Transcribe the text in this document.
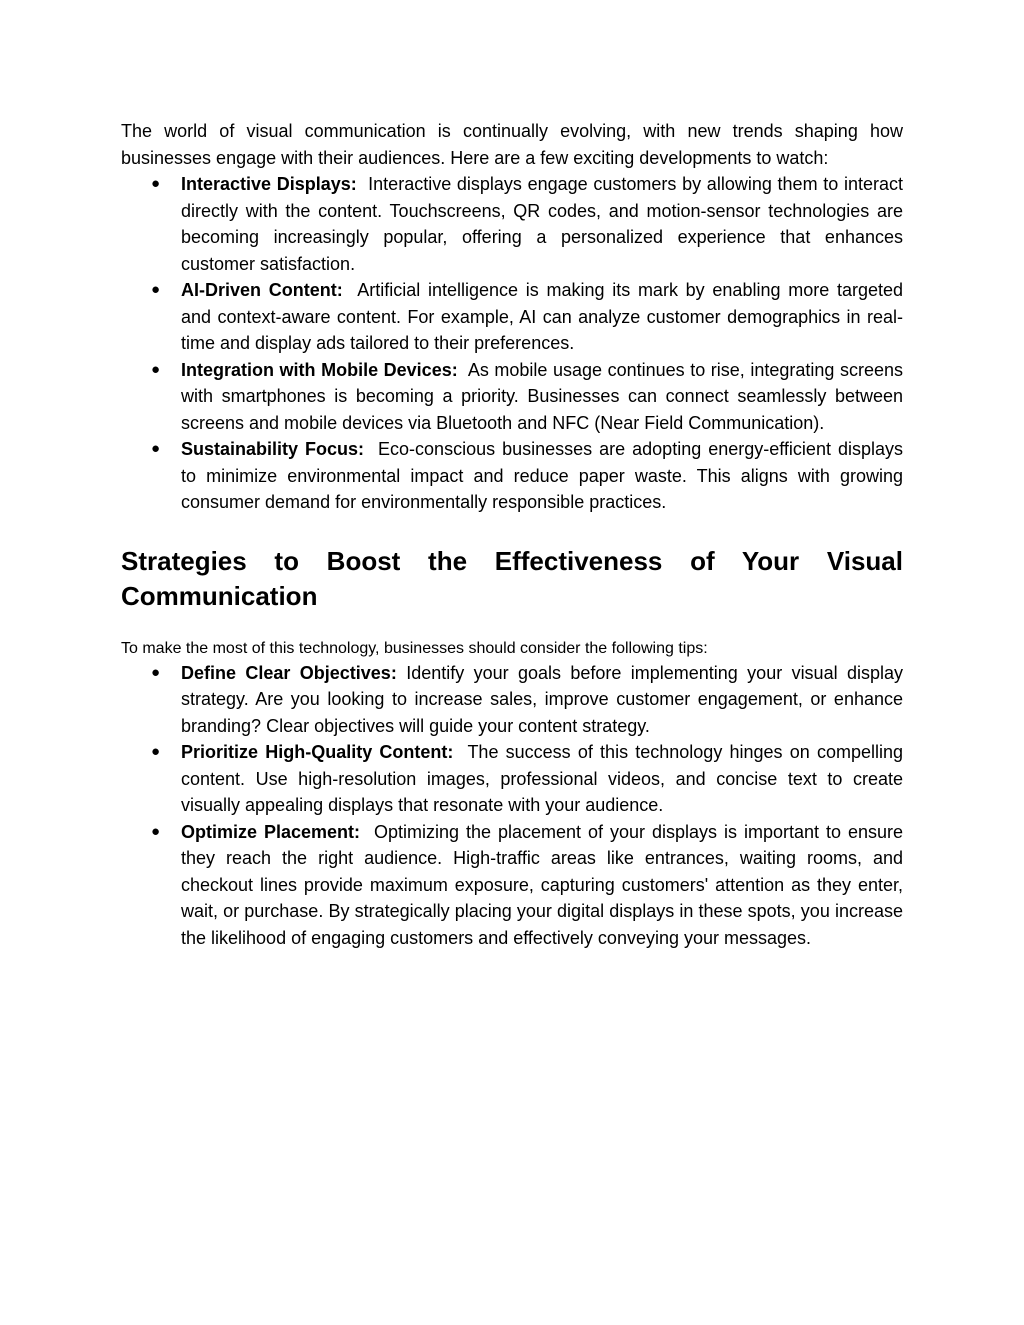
The world of visual communication is continually evolving, with new trends shaping how businesses engage with their audiences. Here are a few exciting developments to watch:

● Interactive Displays: Interactive displays engage customers by allowing them to interact directly with the content. Touchscreens, QR codes, and motion-sensor technologies are becoming increasingly popular, offering a personalized experience that enhances customer satisfaction.
● AI-Driven Content: Artificial intelligence is making its mark by enabling more targeted and context-aware content. For example, AI can analyze customer demographics in real-time and display ads tailored to their preferences.
● Integration with Mobile Devices: As mobile usage continues to rise, integrating screens with smartphones is becoming a priority. Businesses can connect seamlessly between screens and mobile devices via Bluetooth and NFC (Near Field Communication).
● Sustainability Focus: Eco-conscious businesses are adopting energy-efficient displays to minimize environmental impact and reduce paper waste. This aligns with growing consumer demand for environmentally responsible practices.
Strategies to Boost the Effectiveness of Your Visual Communication

To make the most of this technology, businesses should consider the following tips:

● Define Clear Objectives: Identify your goals before implementing your visual display strategy. Are you looking to increase sales, improve customer engagement, or enhance branding? Clear objectives will guide your content strategy.
● Prioritize High-Quality Content: The success of this technology hinges on compelling content. Use high-resolution images, professional videos, and concise text to create visually appealing displays that resonate with your audience.
● Optimize Placement: Optimizing the placement of your displays is important to ensure they reach the right audience. High-traffic areas like entrances, waiting rooms, and checkout lines provide maximum exposure, capturing customers' attention as they enter, wait, or purchase. By strategically placing your digital displays in these spots, you increase the likelihood of engaging customers and effectively conveying your messages.
